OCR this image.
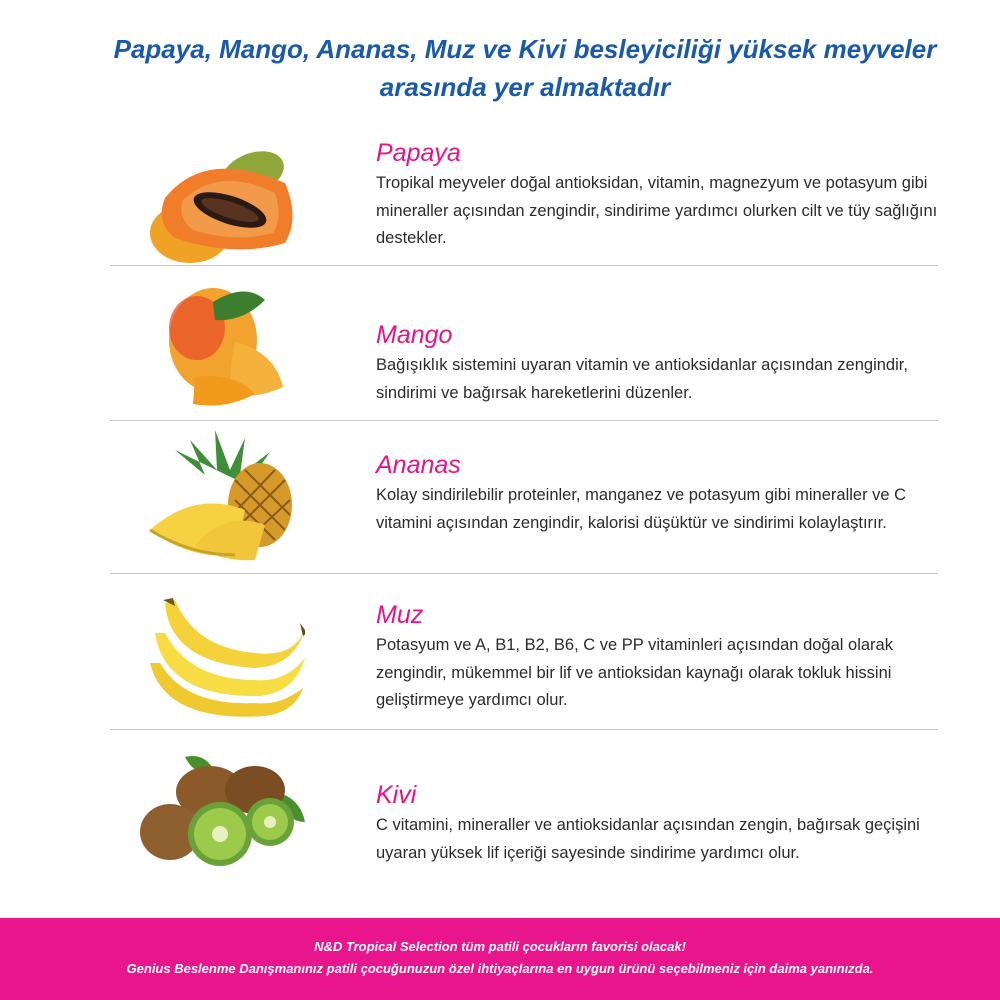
Papaya, Mango, Ananas, Muz ve Kivi besleyiciliği yüksek meyveler
arasında yer almaktadır

Papaya

Tropikal meyveler doğal antioksidan, vitamin, magnezyum ve potasyum gibi mineraller açısından zengindir, sindirime yardımcı olurken cilt ve tüy sağlığını destekler.

Mango

Bağışıklık sistemini uyaran vitamin ve antioksidanlar açısından zengindir, sindirimi ve bağırsak hareketlerini düzenler.

Ananas

Kolay sindirilebilir proteinler, manganez ve potasyum gibi mineraller ve C vitamini açısından zengindir, kalorisi düşüktür ve sindirimi kolaylaştırır.

Muz

Potasyum ve A, B1, B2, B6, C ve PP vitaminleri açısından doğal olarak zengindir, mükemmel bir lif ve antioksidan kaynağı olarak tokluk hissini geliştirmeye yardımcı olur.

Kivi

C vitamini, mineraller ve antioksidanlar açısından zengin, bağırsak geçişini uyaran yüksek lif içeriği sayesinde sindirime yardımcı olur.

N&D Tropical Selection tüm patili çocukların favorisi olacak!

Genius Beslenme Danışmanınız patili çocuğunuzun özel ihtiyaçlarına en uygun ürünü seçebilmeniz için daima yanınızda.
